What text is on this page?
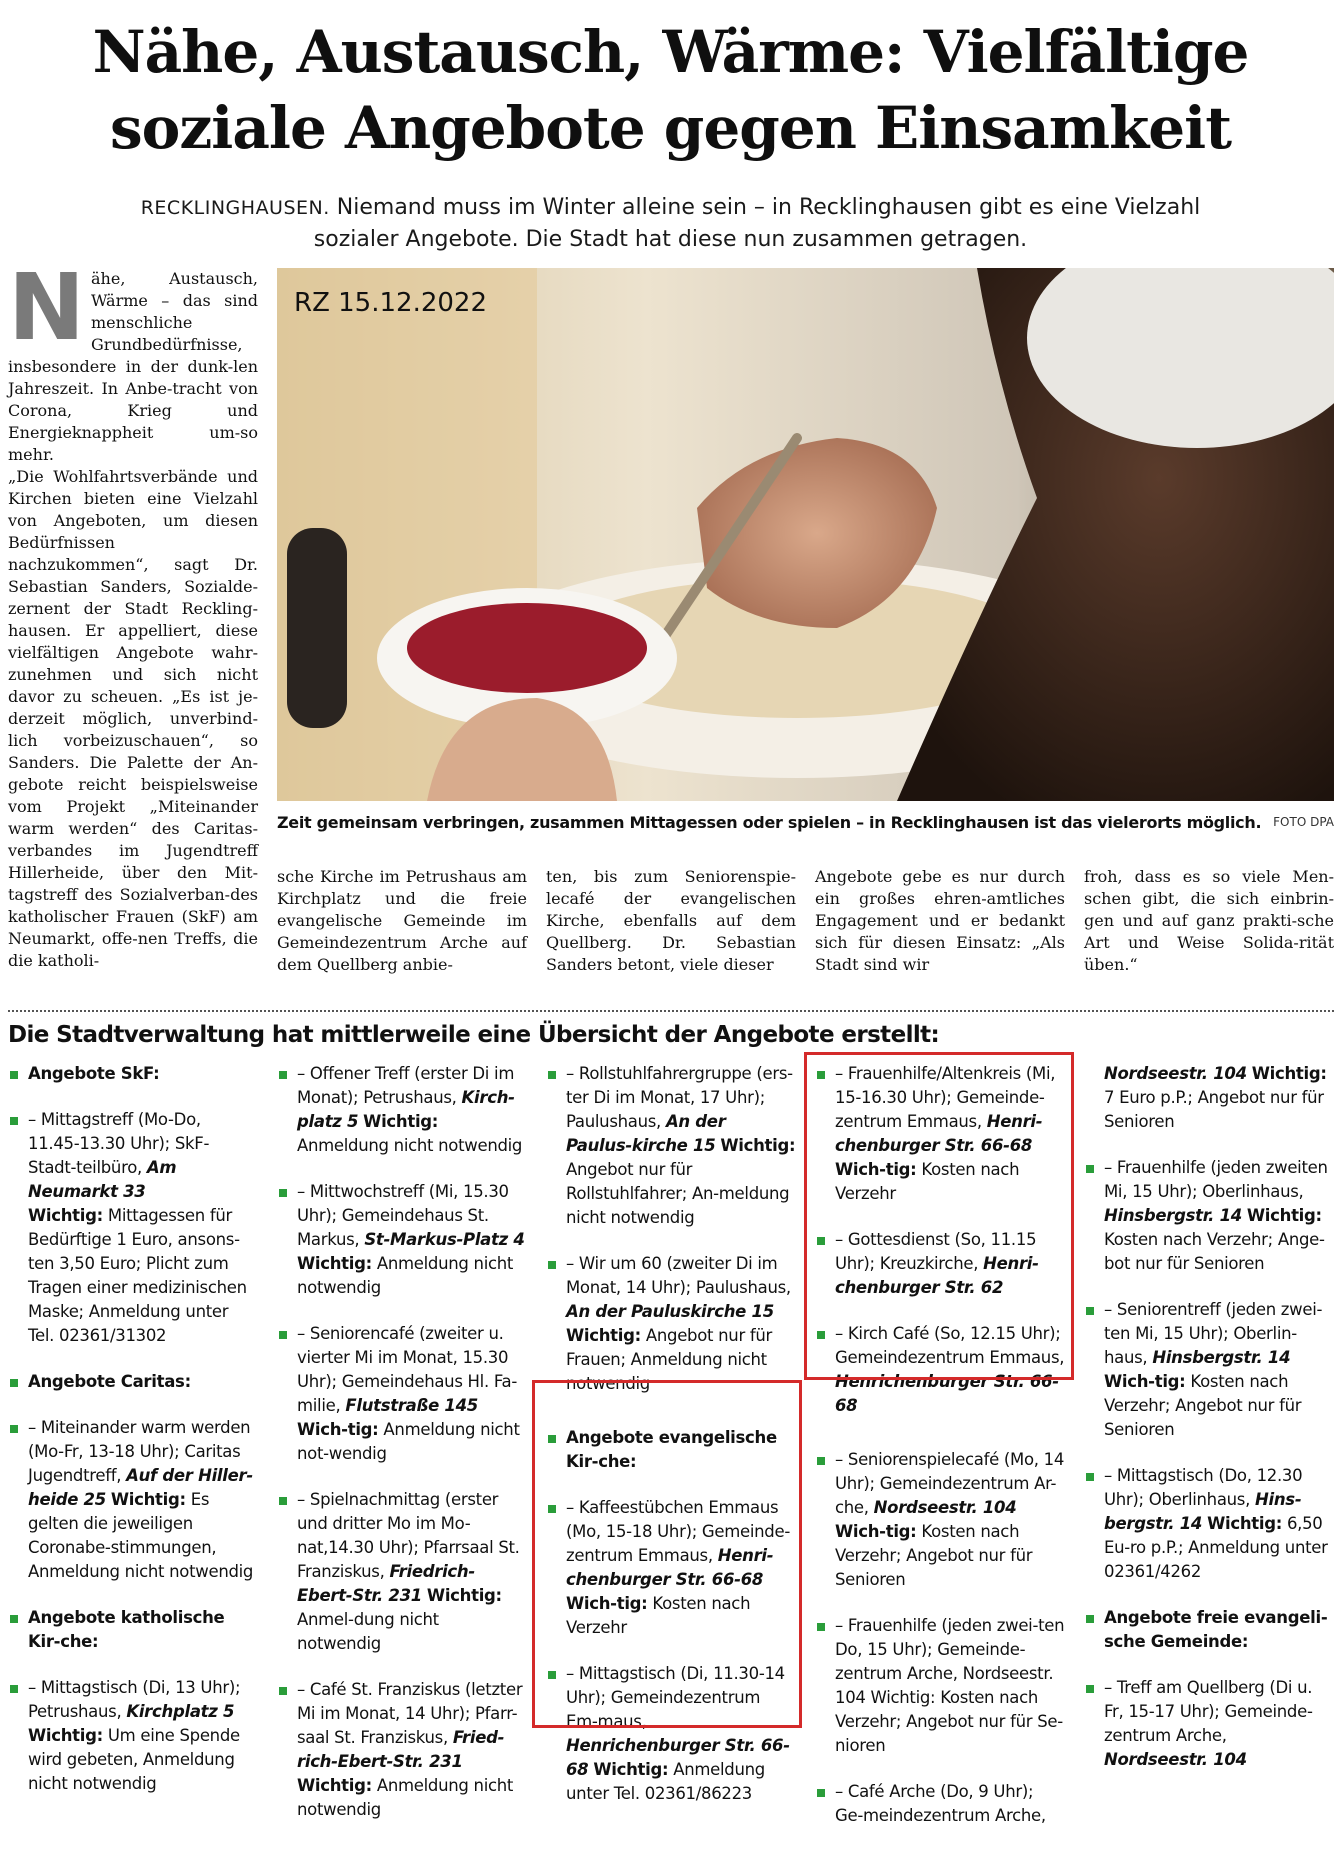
Nähe, Austausch, Wärme: Vielfältige
soziale Angebote gegen Einsamkeit

RECKLINGHAUSEN. Niemand muss im Winter alleine sein – in Recklinghausen gibt es eine Vielzahl
sozialer Angebote. Die Stadt hat diese nun zusammen getragen.

Nähe, Austausch, Wärme – das sind menschliche Grundbedürfnisse, insbesondere in der dunk-len Jahreszeit. In Anbe-tracht von Corona, Krieg und Energieknappheit um-so mehr.

„Die Wohlfahrtsverbände und Kirchen bieten eine Vielzahl von Angeboten, um diesen Bedürfnissen nachzukommen“, sagt Dr. Sebastian Sanders, Sozialde-zernent der Stadt Reckling-hausen. Er appelliert, diese vielfältigen Angebote wahr-zunehmen und sich nicht davor zu scheuen. „Es ist je-derzeit möglich, unverbind-lich vorbeizuschauen“, so Sanders. Die Palette der An-gebote reicht beispielsweise vom Projekt „Miteinander warm werden“ des Caritas-verbandes im Jugendtreff Hillerheide, über den Mit-tagstreff des Sozialverban-des katholischer Frauen (SkF) am Neumarkt, offe-nen Treffs, die die katholi-

RZ 15.12.2022
Zeit gemeinsam verbringen, zusammen Mittagessen oder spielen – in Recklinghausen ist das vielerorts möglich. FOTO DPA

sche Kirche im Petrushaus am Kirchplatz und die freie evangelische Gemeinde im Gemeindezentrum Arche auf dem Quellberg anbie-

ten, bis zum Seniorenspie-lecafé der evangelischen Kirche, ebenfalls auf dem Quellberg. Dr. Sebastian Sanders betont, viele dieser

Angebote gebe es nur durch ein großes ehren-amtliches Engagement und er bedankt sich für diesen Einsatz: „Als Stadt sind wir

froh, dass es so viele Men-schen gibt, die sich einbrin-gen und auf ganz prakti-sche Art und Weise Solida-rität üben.“

Die Stadtverwaltung hat mittlerweile eine Übersicht der Angebote erstellt:
Angebote SkF:
– Mittagstreff (Mo-Do, 11.45-13.30 Uhr); SkF-Stadt-teilbüro, Am Neumarkt 33
Wichtig: Mittagessen für Bedürftige 1 Euro, ansons-ten 3,50 Euro; Plicht zum Tragen einer medizinischen Maske; Anmeldung unter Tel. 02361/31302
Angebote Caritas:
– Miteinander warm werden (Mo-Fr, 13-18 Uhr); Caritas Jugendtreff, Auf der Hiller-heide 25 Wichtig: Es gelten die jeweiligen Coronabe-stimmungen, Anmeldung nicht notwendig
Angebote katholische Kir-che:
– Mittagstisch (Di, 13 Uhr); Petrushaus, Kirchplatz 5
Wichtig: Um eine Spende wird gebeten, Anmeldung nicht notwendig
– Offener Treff (erster Di im Monat); Petrushaus, Kirch-platz 5 Wichtig: Anmeldung nicht notwendig
– Mittwochstreff (Mi, 15.30 Uhr); Gemeindehaus St. Markus, St-Markus-Platz 4
Wichtig: Anmeldung nicht notwendig
– Seniorencafé (zweiter u. vierter Mi im Monat, 15.30 Uhr); Gemeindehaus Hl. Fa-milie, Flutstraße 145 Wich-tig: Anmeldung nicht not-wendig
– Spielnachmittag (erster und dritter Mo im Mo-nat,14.30 Uhr); Pfarrsaal St. Franziskus, Friedrich-Ebert-Str. 231 Wichtig: Anmel-dung nicht notwendig
– Café St. Franziskus (letzter Mi im Monat, 14 Uhr); Pfarr-saal St. Franziskus, Fried-rich-Ebert-Str. 231 Wichtig: Anmeldung nicht notwendig
– Rollstuhlfahrergruppe (ers-ter Di im Monat, 17 Uhr); Paulushaus, An der Paulus-kirche 15 Wichtig: Angebot nur für Rollstuhlfahrer; An-meldung nicht notwendig
– Wir um 60 (zweiter Di im Monat, 14 Uhr); Paulushaus, An der Pauluskirche 15
Wichtig: Angebot nur für Frauen; Anmeldung nicht notwendig
Angebote evangelische Kir-che:
– Kaffeestübchen Emmaus (Mo, 15-18 Uhr); Gemeinde-zentrum Emmaus, Henri-chenburger Str. 66-68 Wich-tig: Kosten nach Verzehr
– Mittagstisch (Di, 11.30-14 Uhr); Gemeindezentrum Em-maus, Henrichenburger Str. 66-68 Wichtig: Anmeldung unter Tel. 02361/86223
– Frauenhilfe/Altenkreis (Mi, 15-16.30 Uhr); Gemeinde-zentrum Emmaus, Henri-chenburger Str. 66-68 Wich-tig: Kosten nach Verzehr
– Gottesdienst (So, 11.15 Uhr); Kreuzkirche, Henri-chenburger Str. 62
– Kirch Café (So, 12.15 Uhr); Gemeindezentrum Emmaus, Henrichenburger Str. 66-68
– Seniorenspielecafé (Mo, 14 Uhr); Gemeindezentrum Ar-che, Nordseestr. 104 Wich-tig: Kosten nach Verzehr; Angebot nur für Senioren
– Frauenhilfe (jeden zwei-ten Do, 15 Uhr); Gemeinde-zentrum Arche, Nordseestr. 104 Wichtig: Kosten nach Verzehr; Angebot nur für Se-nioren
– Café Arche (Do, 9 Uhr); Ge-meindezentrum Arche,
Nordseestr. 104 Wichtig: 7 Euro p.P.; Angebot nur für Senioren
– Frauenhilfe (jeden zweiten Mi, 15 Uhr); Oberlinhaus, Hinsbergstr. 14 Wichtig: Kosten nach Verzehr; Ange-bot nur für Senioren
– Seniorentreff (jeden zwei-ten Mi, 15 Uhr); Oberlin-haus, Hinsbergstr. 14 Wich-tig: Kosten nach Verzehr; Angebot nur für Senioren
– Mittagstisch (Do, 12.30 Uhr); Oberlinhaus, Hins-bergstr. 14 Wichtig: 6,50 Eu-ro p.P.; Anmeldung unter 02361/4262
Angebote freie evangeli-sche Gemeinde:
– Treff am Quellberg (Di u. Fr, 15-17 Uhr); Gemeinde-zentrum Arche, Nordseestr. 104
